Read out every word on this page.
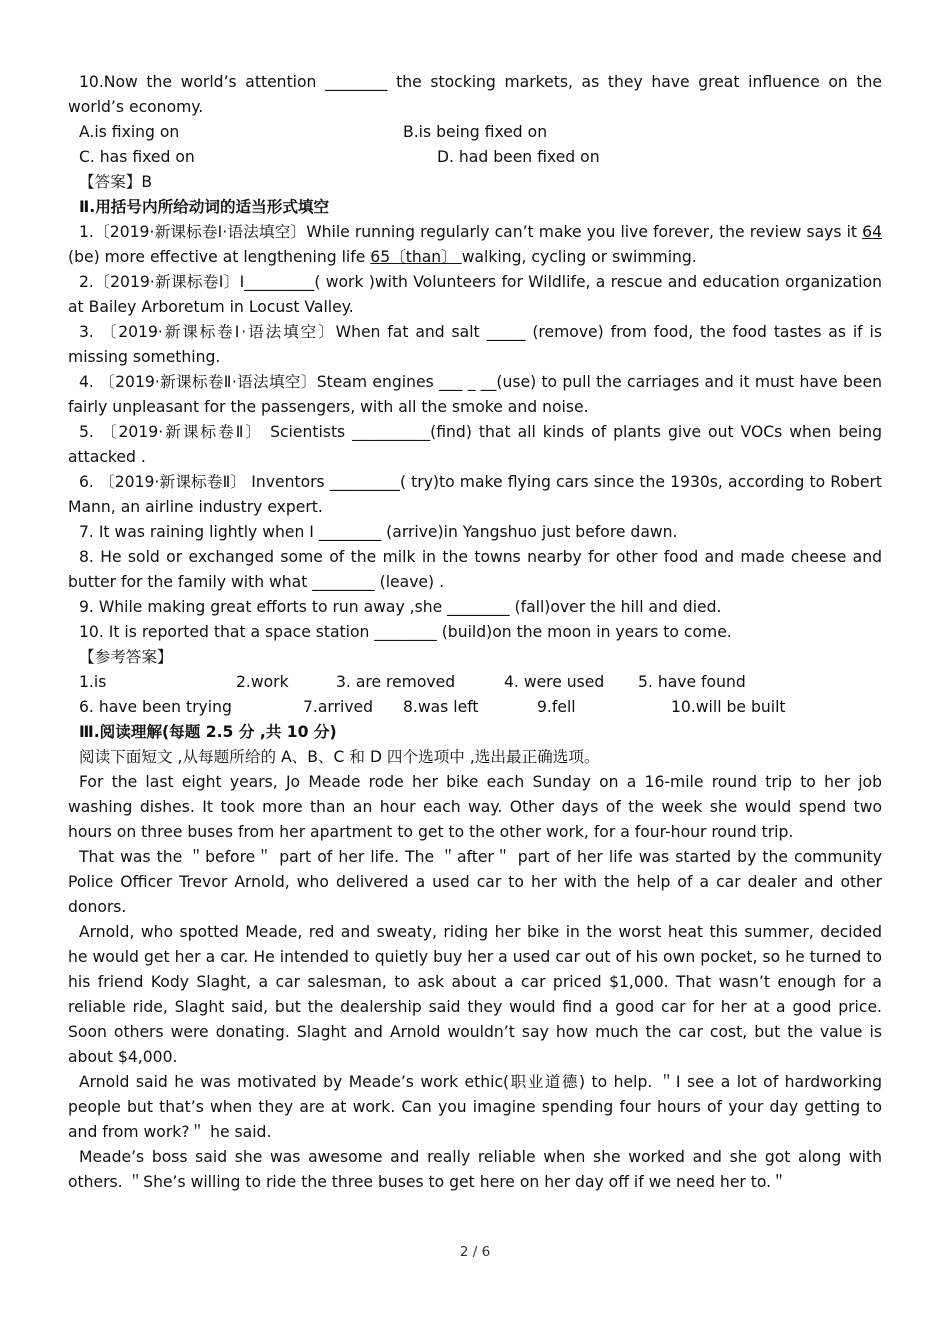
10.Now the world’s attention ________ the stocking markets, as they have great influence on the world’s economy.

A.is fixing on	B.is being fixed on
C. has fixed on	D. had been fixed on

【答案】B

Ⅱ.用括号内所给动词的适当形式填空

1.〔2019·新课标卷Ⅰ·语法填空〕While running regularly can’t make you live forever, the review says it 64 (be) more effective at lengthening life 65〔than〕 walking, cycling or swimming.

2.〔2019·新课标卷Ⅰ〕I_________( work )with Volunteers for Wildlife, a rescue and education organization at Bailey Arboretum in Locust Valley.

3. 〔2019·新课标卷Ⅰ·语法填空〕When fat and salt _____ (remove) from food, the food tastes as if is missing something.

4. 〔2019·新课标卷Ⅱ·语法填空〕Steam engines ___ _ __(use) to pull the carriages and it must have been fairly unpleasant for the passengers, with all the smoke and noise.

5. 〔2019·新课标卷Ⅱ〕 Scientists __________(find) that all kinds of plants give out VOCs when being attacked .

6. 〔2019·新课标卷Ⅱ〕 Inventors _________( try)to make flying cars since the 1930s, according to Robert Mann, an airline industry expert.

7. It was raining lightly when I ________ (arrive)in Yangshuo just before dawn.

8. He sold or exchanged some of the milk in the towns nearby for other food and made cheese and butter for the family with what ________ (leave) .

9. While making great efforts to run away ,she ________ (fall)over the hill and died.

10. It is reported that a space station ________ (build)on the moon in years to come.

【参考答案】

1.is	2.work	3. are removed	4. were used 5. have found
6. have been trying	7.arrived 8.was left	9.fell	10.will be built

Ⅲ.阅读理解(每题 2.5 分 ,共 10 分)

阅读下面短文 ,从每题所给的 A、B、C 和 D 四个选项中 ,选出最正确选项。

For the last eight years, Jo Meade rode her bike each Sunday on a 16-mile round trip to her job washing dishes. It took more than an hour each way. Other days of the week she would spend two hours on three buses from her apartment to get to the other work, for a four-hour round trip.

That was the ＂before＂ part of her life. The ＂after＂ part of her life was started by the community Police Officer Trevor Arnold, who delivered a used car to her with the help of a car dealer and other donors.

Arnold, who spotted Meade, red and sweaty, riding her bike in the worst heat this summer, decided he would get her a car. He intended to quietly buy her a used car out of his own pocket, so he turned to his friend Kody Slaght, a car salesman, to ask about a car priced $1,000. That wasn’t enough for a reliable ride, Slaght said, but the dealership said they would find a good car for her at a good price. Soon others were donating. Slaght and Arnold wouldn’t say how much the car cost, but the value is about $4,000.

Arnold said he was motivated by Meade’s work ethic(职业道德) to help. ＂I see a lot of hardworking people but that’s when they are at work. Can you imagine spending four hours of your day getting to and from work?＂ he said.

Meade’s boss said she was awesome and really reliable when she worked and she got along with others. ＂She’s willing to ride the three buses to get here on her day off if we need her to.＂

2 / 6
